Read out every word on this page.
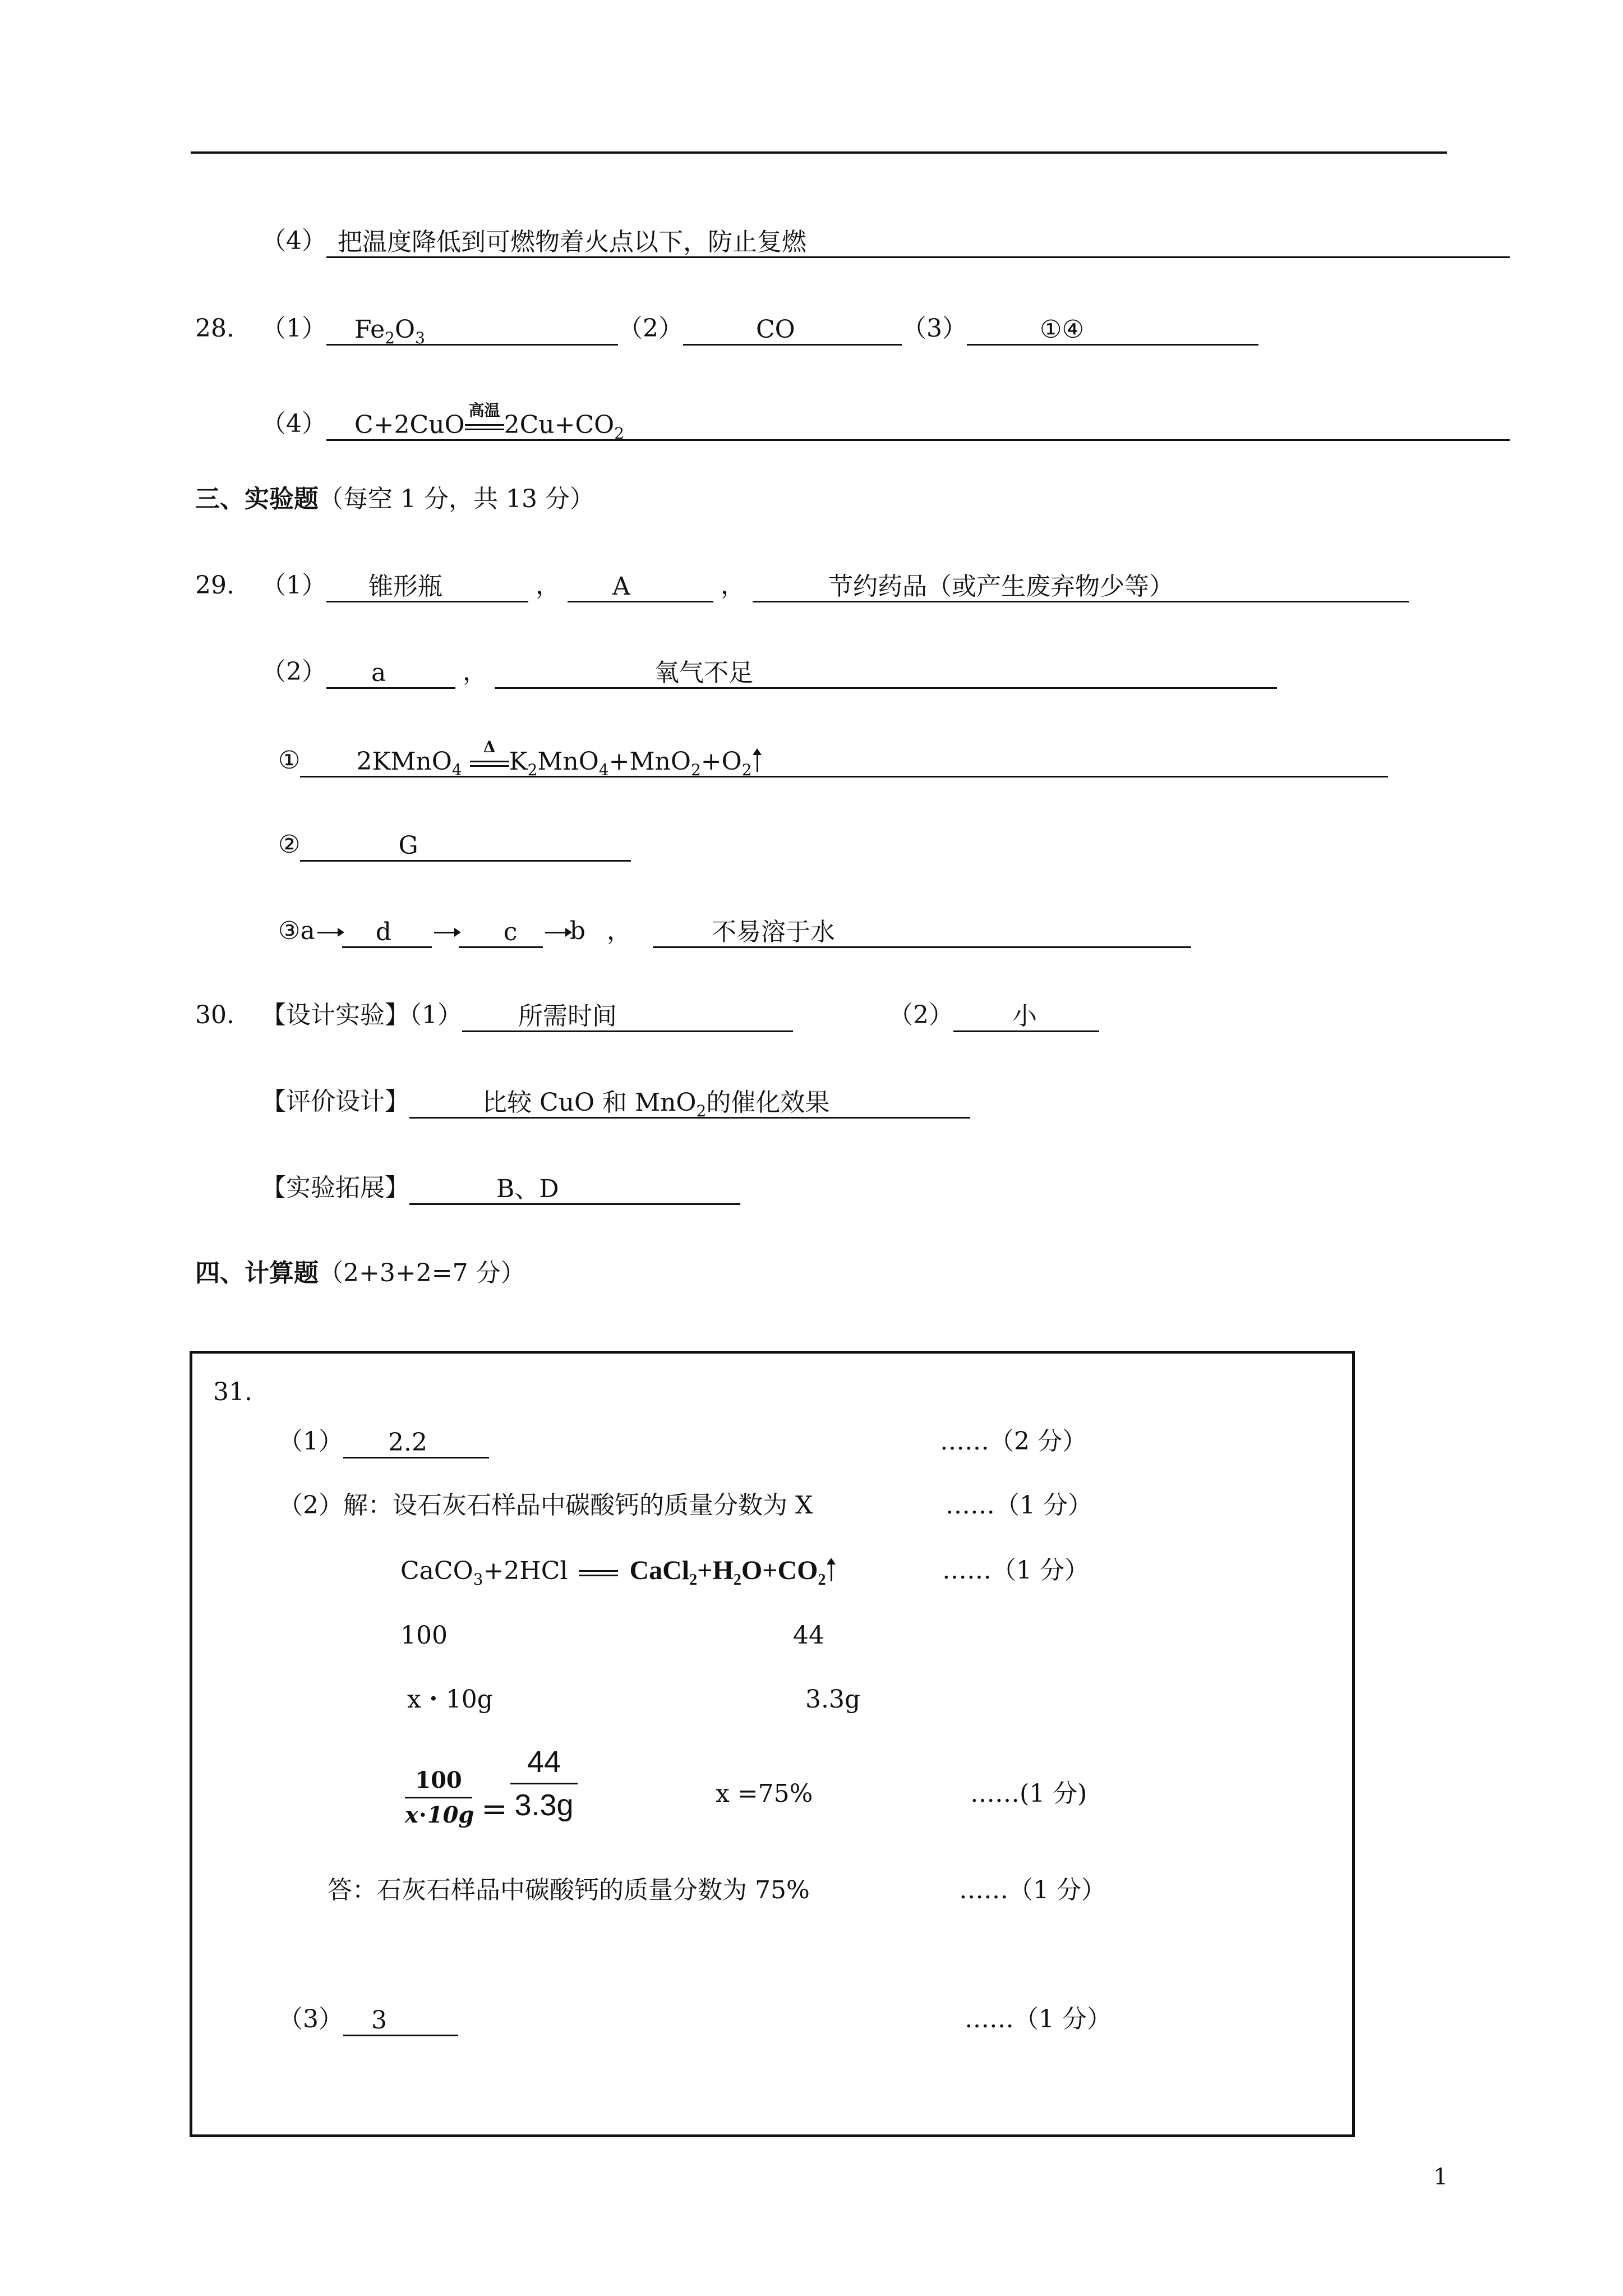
（4） 把温度降低到可燃物着火点以下，防止复燃
28. （1） $Fe_2O_3$	（2）	CO	（3）	①④
（4） C+2CuO
高温
$2Cu+CO_2$
三、实验题（每空 1 分，共 13 分）
29. （1） 锥形瓶	， A	，	节约药品（或产生废弃物少等）
（2） a	，	氧气不足
① 2KMnO$_4$
Δ
$K_2MnO_4+MnO_2+O_2$
②	G
③a d	c b ，	不易溶于水
30. 【设计实验】（1） 所需时间	（2） 小
【评价设计】	比较 CuO 和 MnO$_2$的催化效果
【实验拓展】	B、D
四、计算题（2+3+2=7 分）
31.
（1） 2.2	……（2 分）
（2）解：设石灰石样品中碳酸钙的质量分数为 X	……（1 分）
CaCO$_3$+2HCl $CaCl_2+H_2O+CO_2$	……（1 分）
100	44
x・10g	3.3g
100
x⋅10g =
44
3.3g	x =75%	……(1 分)
答：石灰石样品中碳酸钙的质量分数为 75%	……（1 分）
（3） 3	……（1 分）
1
